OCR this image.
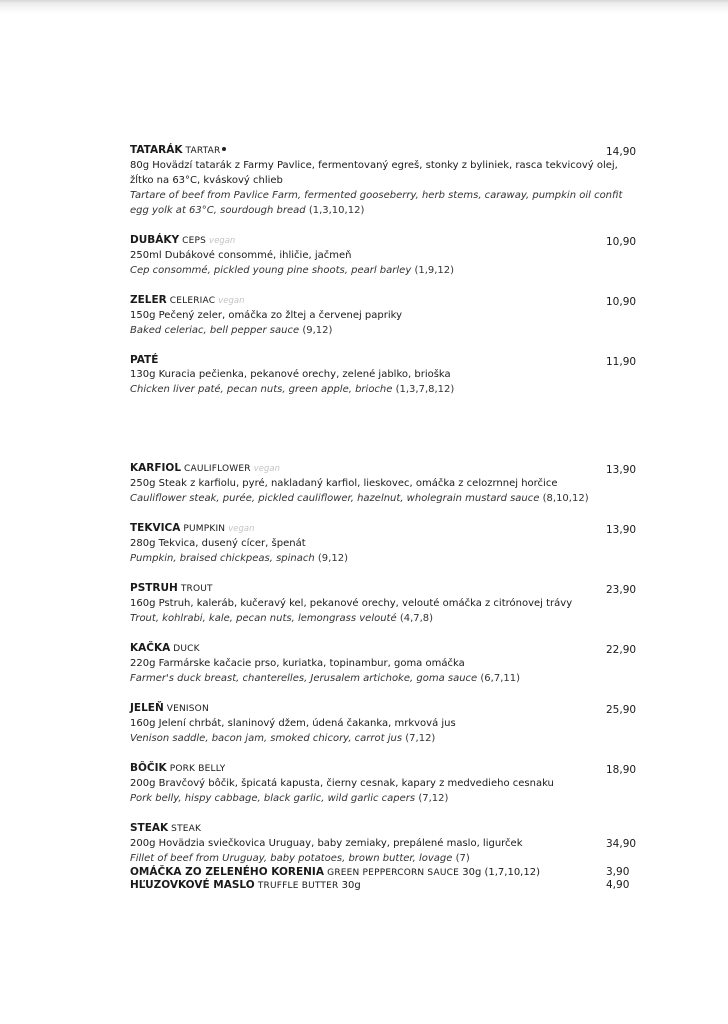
TATARÁK TARTAR
80g Hovädzí tatarák z Farmy Pavlice, fermentovaný egreš, stonky z byliniek, rasca tekvicový olej, žĺtko na 63°C, kváskový chlieb
Tartare of beef from Pavlice Farm, fermented gooseberry, herb stems, caraway, pumpkin oil confit egg yolk at 63°C, sourdough bread (1,3,10,12)
14,90
DUBÁKY CEPS vegan
250ml Dubákové consommé, ihličie, jačmeň
Cep consommé, pickled young pine shoots, pearl barley (1,9,12)
10,90
ZELER CELERIAC vegan
150g Pečený zeler, omáčka zo žltej a červenej papriky
Baked celeriac, bell pepper sauce (9,12)
10,90
PATÉ
130g Kuracia pečienka, pekanové orechy, zelené jablko, brioška
Chicken liver paté, pecan nuts, green apple, brioche (1,3,7,8,12)
11,90
KARFIOL CAULIFLOWER vegan
250g Steak z karfiolu, pyré, nakladaný karfiol, lieskovec, omáčka z celozrnnej horčice
Cauliflower steak, purée, pickled cauliflower, hazelnut, wholegrain mustard sauce (8,10,12)
13,90
TEKVICA PUMPKIN vegan
280g Tekvica, dusený cícer, špenát
Pumpkin, braised chickpeas, spinach (9,12)
13,90
PSTRUH TROUT
160g Pstruh, kaleráb, kučeravý kel, pekanové orechy, velouté omáčka z citrónovej trávy
Trout, kohlrabi, kale, pecan nuts, lemongrass velouté (4,7,8)
23,90
KAČKA DUCK
220g Farmárske kačacie prso, kuriatka, topinambur, goma omáčka
Farmer's duck breast, chanterelles, Jerusalem artichoke, goma sauce (6,7,11)
22,90
JELEŇ VENISON
160g Jelení chrbát, slaninový džem, údená čakanka, mrkvová jus
Venison saddle, bacon jam, smoked chicory, carrot jus (7,12)
25,90
BÔČIK PORK BELLY
200g Bravčový bôčik, špicatá kapusta, čierny cesnak, kapary z medvedieho cesnaku
Pork belly, hispy cabbage, black garlic, wild garlic capers (7,12)
18,90
STEAK STEAK
200g Hovädzia sviečkovica Uruguay, baby zemiaky, prepálené maslo, ligurček
Fillet of beef from Uruguay, baby potatoes, brown butter, lovage (7)
34,90
OMÁČKA ZO ZELENÉHO KORENIA GREEN PEPPERCORN SAUCE 30g (1,7,10,12)	3,90
HĽUZOVKOVÉ MASLO TRUFFLE BUTTER 30g	4,90
